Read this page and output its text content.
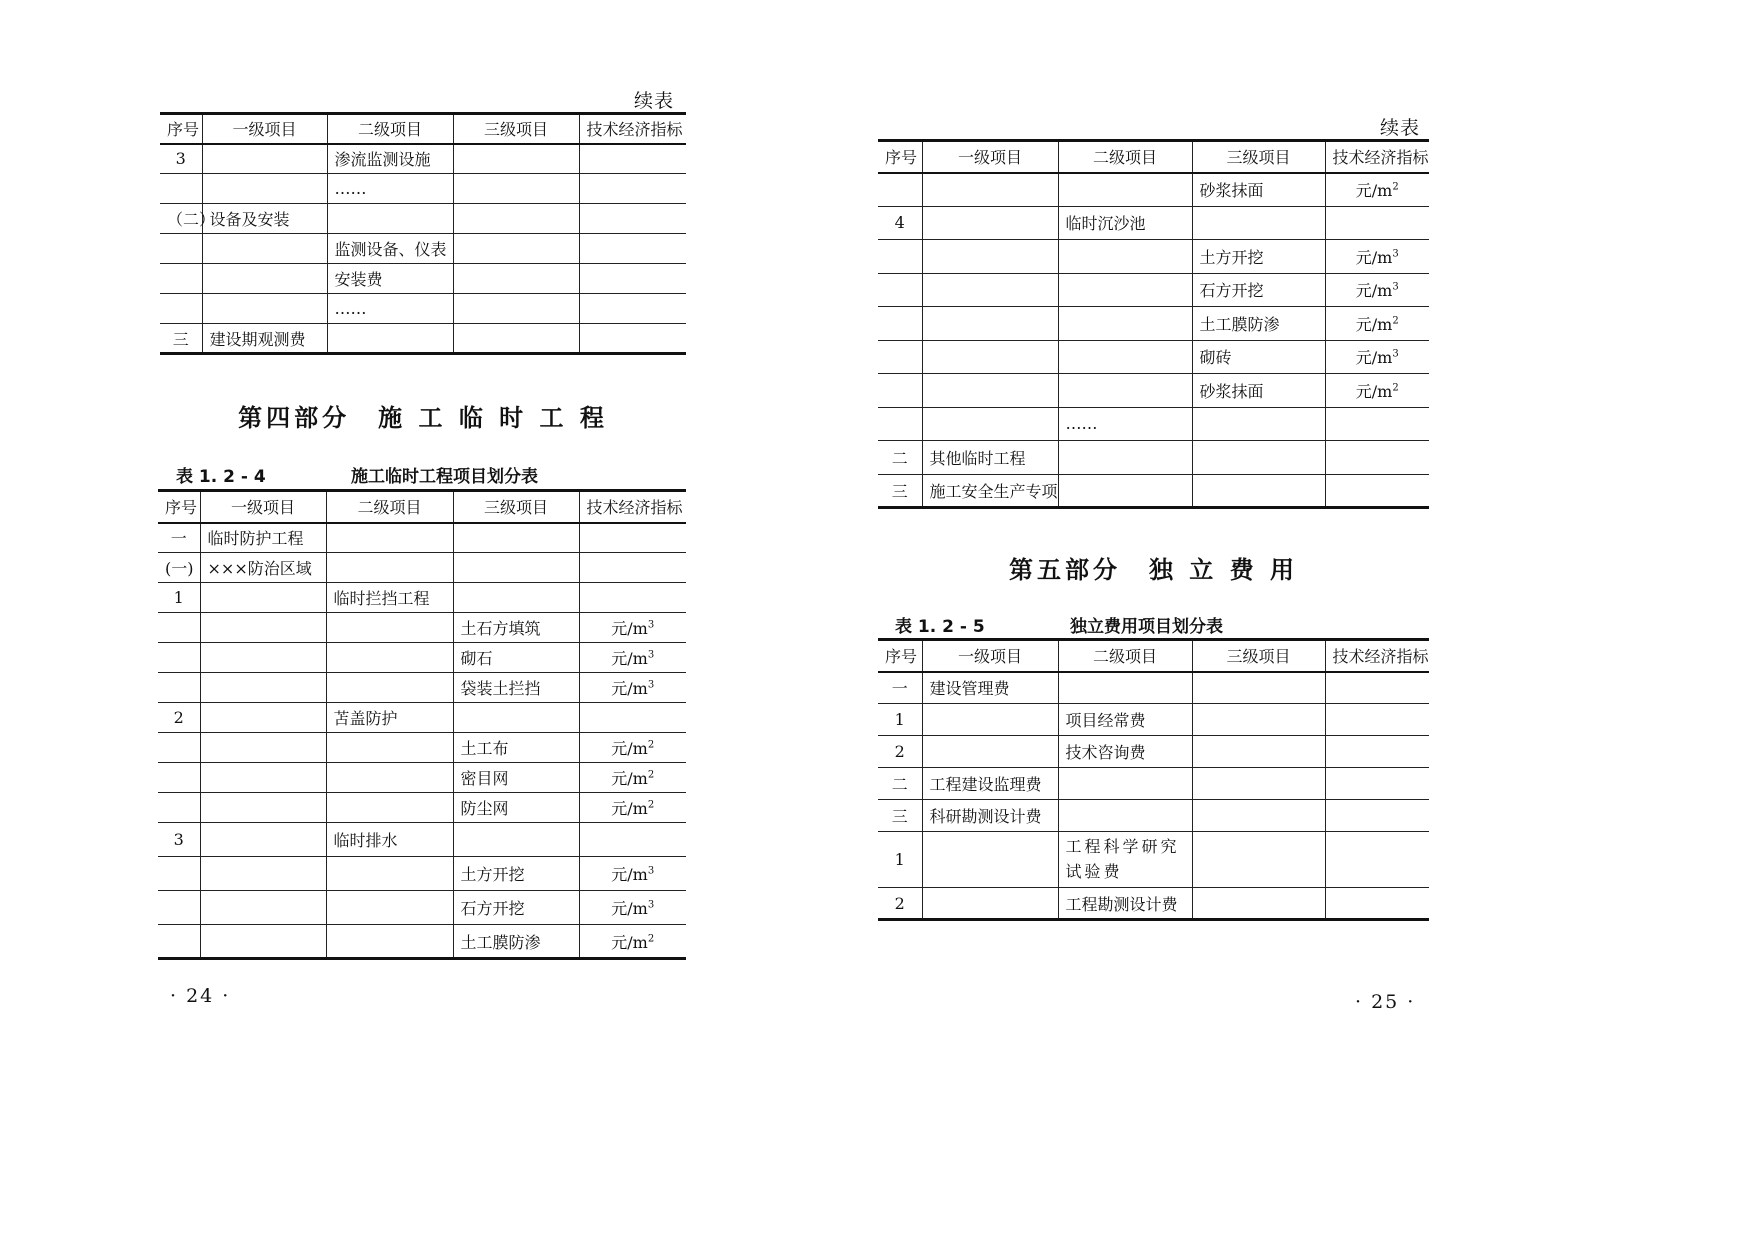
续表
序号	一级项目	二级项目	三级项目	技术经济指标
3		渗流监测设施		
		……		
（二）	设备及安装			
		监测设备、仪表		
		安装费		
		……		
三	建设期观测费			
第四部分　施 工 临 时 工 程
表 1. 2 - 4	施工临时工程项目划分表
序号	一级项目	二级项目	三级项目	技术经济指标
一	临时防护工程			
(一)	×××防治区域			
1		临时拦挡工程		
			土石方填筑	元$/m^3$
			砌石	元$/m^3$
			袋装土拦挡	元$/m^3$
2		苫盖防护		
			土工布	元$/m^2$
			密目网	元$/m^2$
			防尘网	元$/m^2$
3		临时排水		
			土方开挖	元$/m^3$
			石方开挖	元$/m^3$
			土工膜防渗	元$/m^2$
· 24 ·
续表
序号	一级项目	二级项目	三级项目	技术经济指标
			砂浆抹面	元$/m^2$
4		临时沉沙池		
			土方开挖	元$/m^3$
			石方开挖	元$/m^3$
			土工膜防渗	元$/m^2$
			砌砖	元$/m^3$
			砂浆抹面	元$/m^2$
		……		
二	其他临时工程			
三	施工安全生产专项			
第五部分　独 立 费 用
表 1. 2 - 5	独立费用项目划分表
序号	一级项目	二级项目	三级项目	技术经济指标
一	建设管理费			
1		项目经常费		
2		技术咨询费		
二	工程建设监理费			
三	科研勘测设计费			
1		工程科学研究试验费		
2		工程勘测设计费		
· 25 ·
